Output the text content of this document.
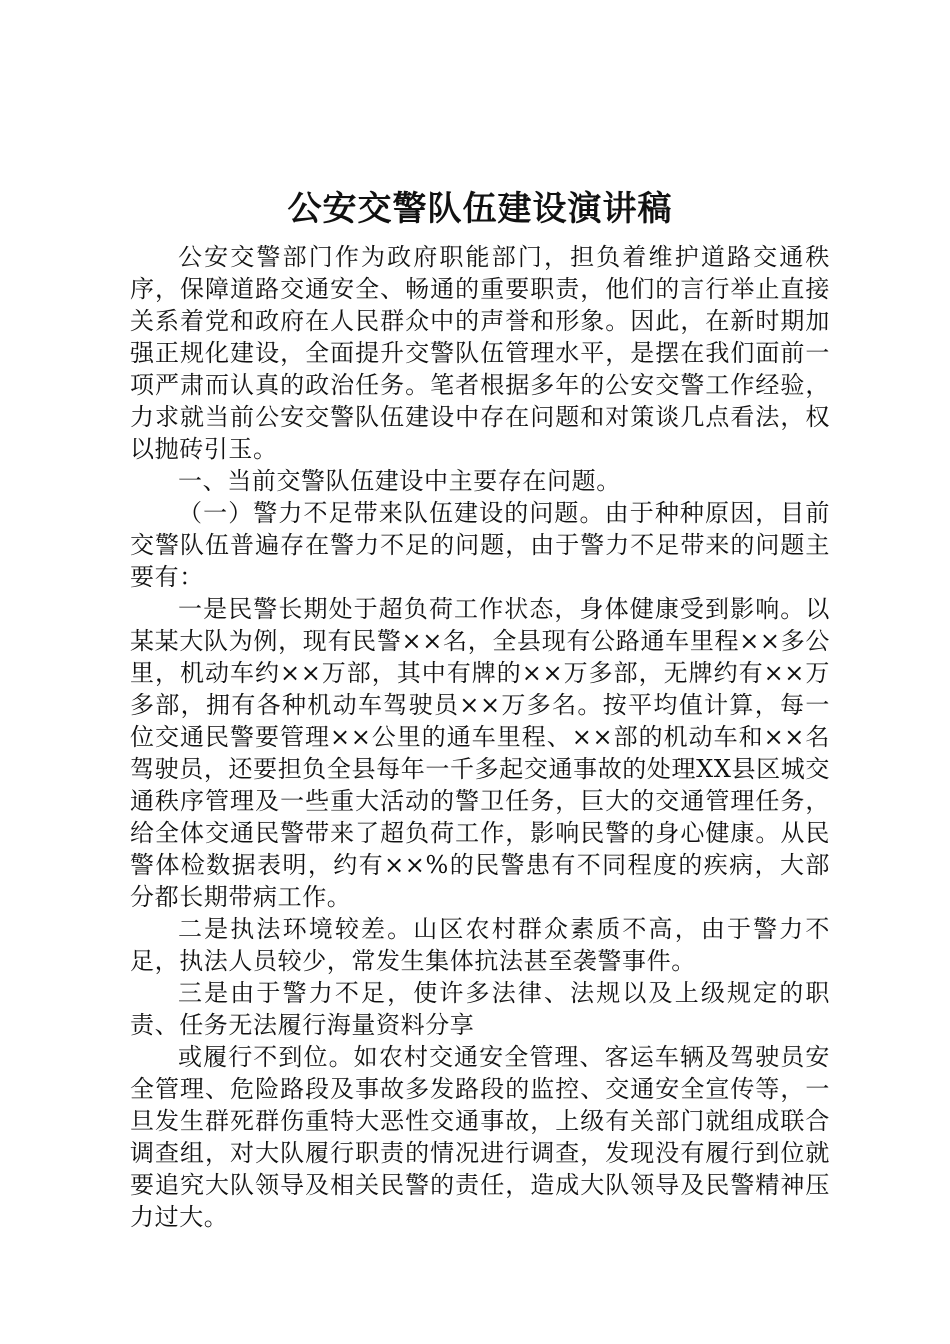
公安交警队伍建设演讲稿

公安交警部门作为政府职能部门，担负着维护道路交通秩序，保障道路交通安全、畅通的重要职责，他们的言行举止直接关系着党和政府在人民群众中的声誉和形象。因此，在新时期加强正规化建设，全面提升交警队伍管理水平，是摆在我们面前一项严肃而认真的政治任务。笔者根据多年的公安交警工作经验，力求就当前公安交警队伍建设中存在问题和对策谈几点看法，权以抛砖引玉。

一、当前交警队伍建设中主要存在问题。

（一）警力不足带来队伍建设的问题。由于种种原因，目前交警队伍普遍存在警力不足的问题，由于警力不足带来的问题主要有：

一是民警长期处于超负荷工作状态，身体健康受到影响。以某某大队为例，现有民警××名，全县现有公路通车里程××多公里，机动车约××万部，其中有牌的××万多部，无牌约有××万多部，拥有各种机动车驾驶员××万多名。按平均值计算，每一位交通民警要管理××公里的通车里程、××部的机动车和××名驾驶员，还要担负全县每年一千多起交通事故的处理XX县区城交通秩序管理及一些重大活动的警卫任务，巨大的交通管理任务，给全体交通民警带来了超负荷工作，影响民警的身心健康。从民警体检数据表明，约有××%的民警患有不同程度的疾病，大部分都长期带病工作。

二是执法环境较差。山区农村群众素质不高，由于警力不足，执法人员较少，常发生集体抗法甚至袭警事件。

三是由于警力不足，使许多法律、法规以及上级规定的职责、任务无法履行海量资料分享

或履行不到位。如农村交通安全管理、客运车辆及驾驶员安全管理、危险路段及事故多发路段的监控、交通安全宣传等，一旦发生群死群伤重特大恶性交通事故，上级有关部门就组成联合调查组，对大队履行职责的情况进行调查，发现没有履行到位就要追究大队领导及相关民警的责任，造成大队领导及民警精神压力过大。
